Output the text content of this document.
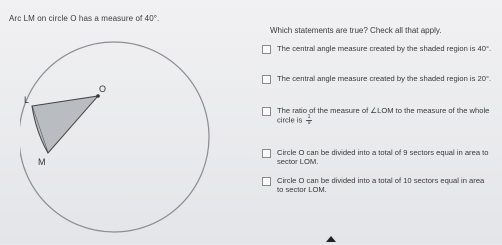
Arc LM on circle O has a measure of 40°.
L
O
M
Which statements are true? Check all that apply.
The central angle measure created by the shaded region is 40°.
The central angle measure created by the shaded region is 20°.
The ratio of the measure of ∠LOM to the measure of the whole circle is $\frac{1}{9}$
Circle O can be divided into a total of 9 sectors equal in area to sector LOM.
Circle O can be divided into a total of 10 sectors equal in area to sector LOM.
